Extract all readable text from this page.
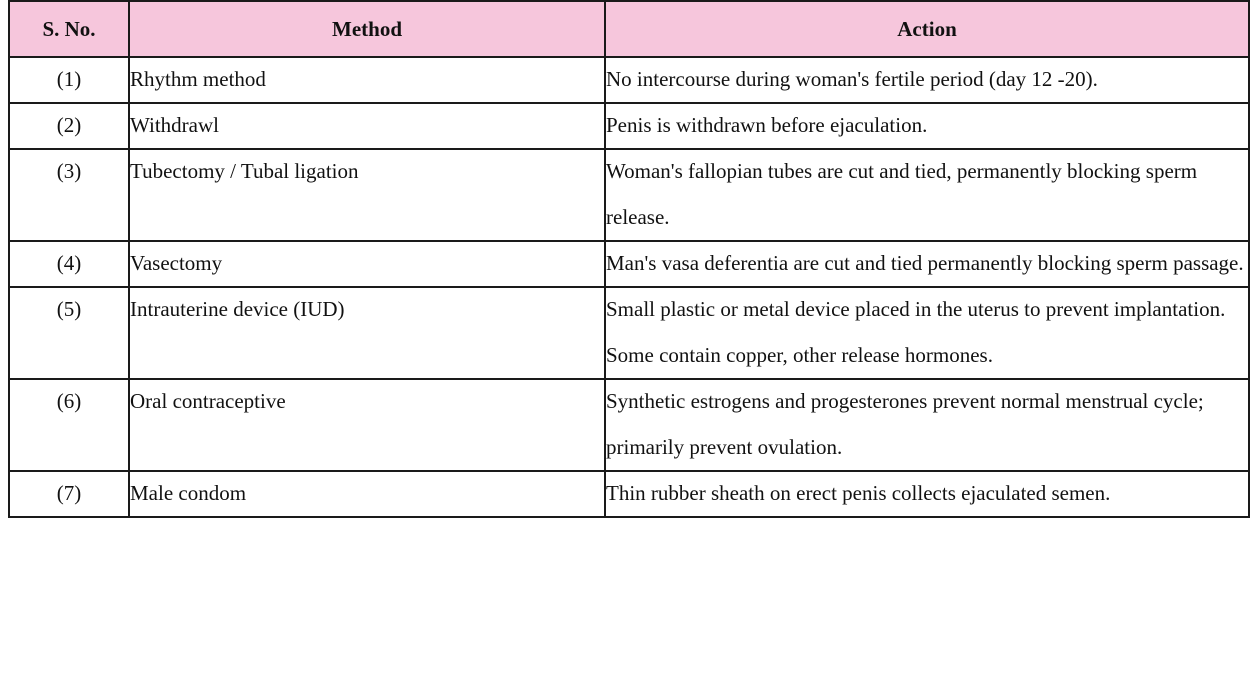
S. No.	Method	Action

(1)	Rhythm method	No intercourse during woman's fertile period (day 12 -20).

(2)	Withdrawl	Penis is withdrawn before ejaculation.

(3)	Tubectomy / Tubal ligation	Woman's fallopian tubes are cut and tied, permanently blocking sperm release.

(4)	Vasectomy	Man's vasa deferentia are cut and tied permanently blocking sperm passage.

(5)	Intrauterine device (IUD)	Small plastic or metal device placed in the uterus to prevent implantation. Some contain copper, other release hormones.

(6)	Oral contraceptive	Synthetic estrogens and progesterones prevent normal menstrual cycle; primarily prevent ovulation.

(7)	Male condom	Thin rubber sheath on erect penis collects ejaculated semen.
